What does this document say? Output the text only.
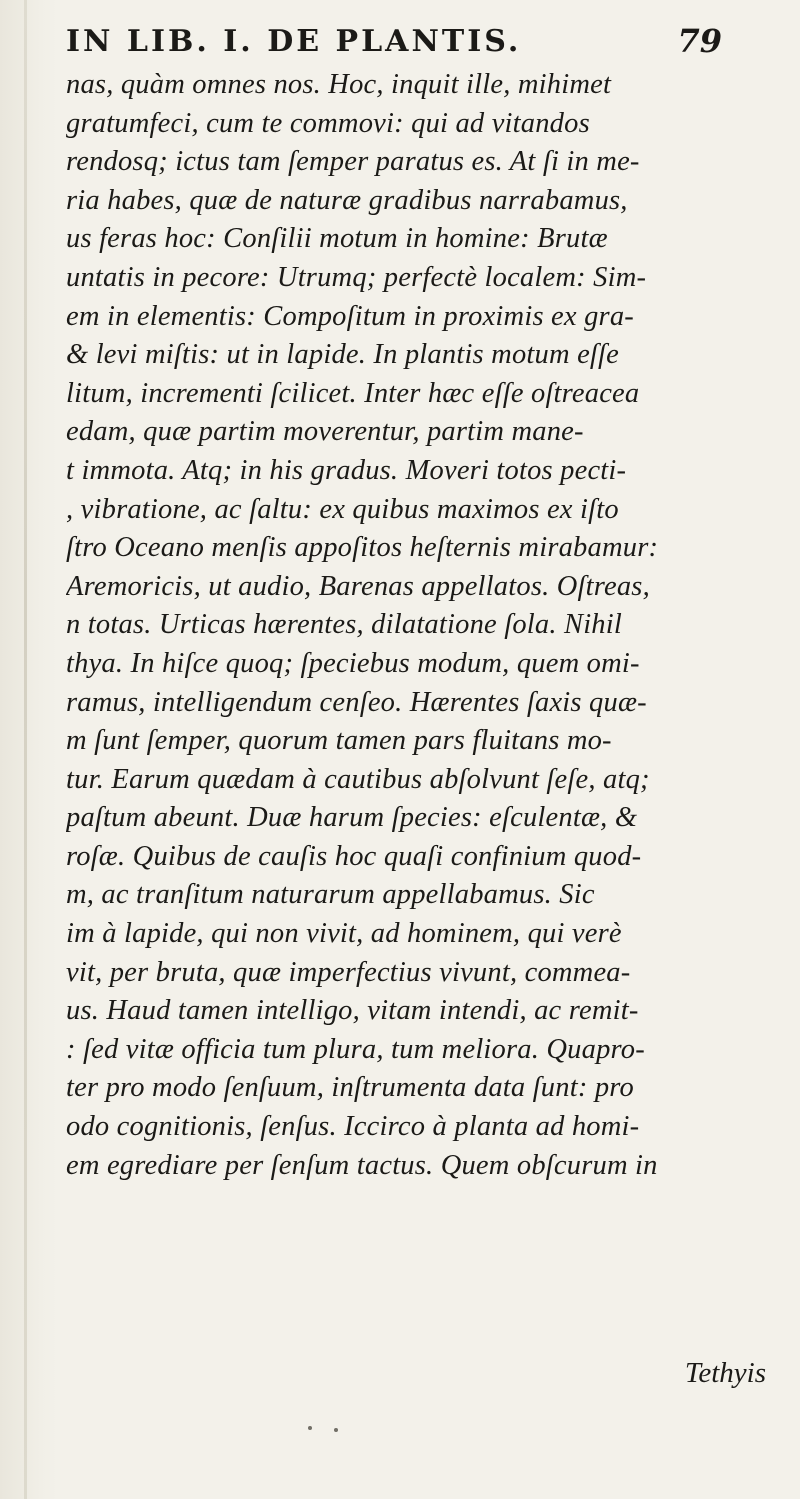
IN LIB. I. DE PLANTIS.	79
nas, quàm omnes nos. Hoc, inquit ille, mihimet
gratumfeci, cum te commovi: qui ad vitandos
rendosq; ictus tam ſemper paratus es. At ſi in me-
ria habes, quæ de naturæ gradibus narrabamus,
us feras hoc: Conſilii motum in homine: Brutæ
untatis in pecore: Utrumq; perfectè localem: Sim-
em in elementis: Compoſitum in proximis ex gra-
& levi miſtis: ut in lapide. In plantis motum eſſe
litum, incrementi ſcilicet. Inter hæc eſſe oſtreacea
edam, quæ partim moverentur, partim mane-
t immota. Atq; in his gradus. Moveri totos pecti-
, vibratione, ac ſaltu: ex quibus maximos ex iſto
ſtro Oceano menſis appoſitos heſternis mirabamur:
Aremoricis, ut audio, Barenas appellatos. Oſtreas,
n totas. Urticas hærentes, dilatatione ſola. Nihil
thya. In hiſce quoq; ſpeciebus modum, quem omi-
ramus, intelligendum cenſeo. Hærentes ſaxis quæ-
m ſunt ſemper, quorum tamen pars fluitans mo-
tur. Earum quædam à cautibus abſolvunt ſeſe, atq;
paſtum abeunt. Duæ harum ſpecies: eſculentæ, &
roſæ. Quibus de cauſis hoc quaſi confinium quod-
m, ac tranſitum naturarum appellabamus. Sic
im à lapide, qui non vivit, ad hominem, qui verè
vit, per bruta, quæ imperfectius vivunt, commea-
us. Haud tamen intelligo, vitam intendi, ac remit-
: ſed vitæ officia tum plura, tum meliora. Quapro-
ter pro modo ſenſuum, inſtrumenta data ſunt: pro
odo cognitionis, ſenſus. Iccirco à planta ad homi-
em egrediare per ſenſum tactus. Quem obſcurum in
Tethyis
